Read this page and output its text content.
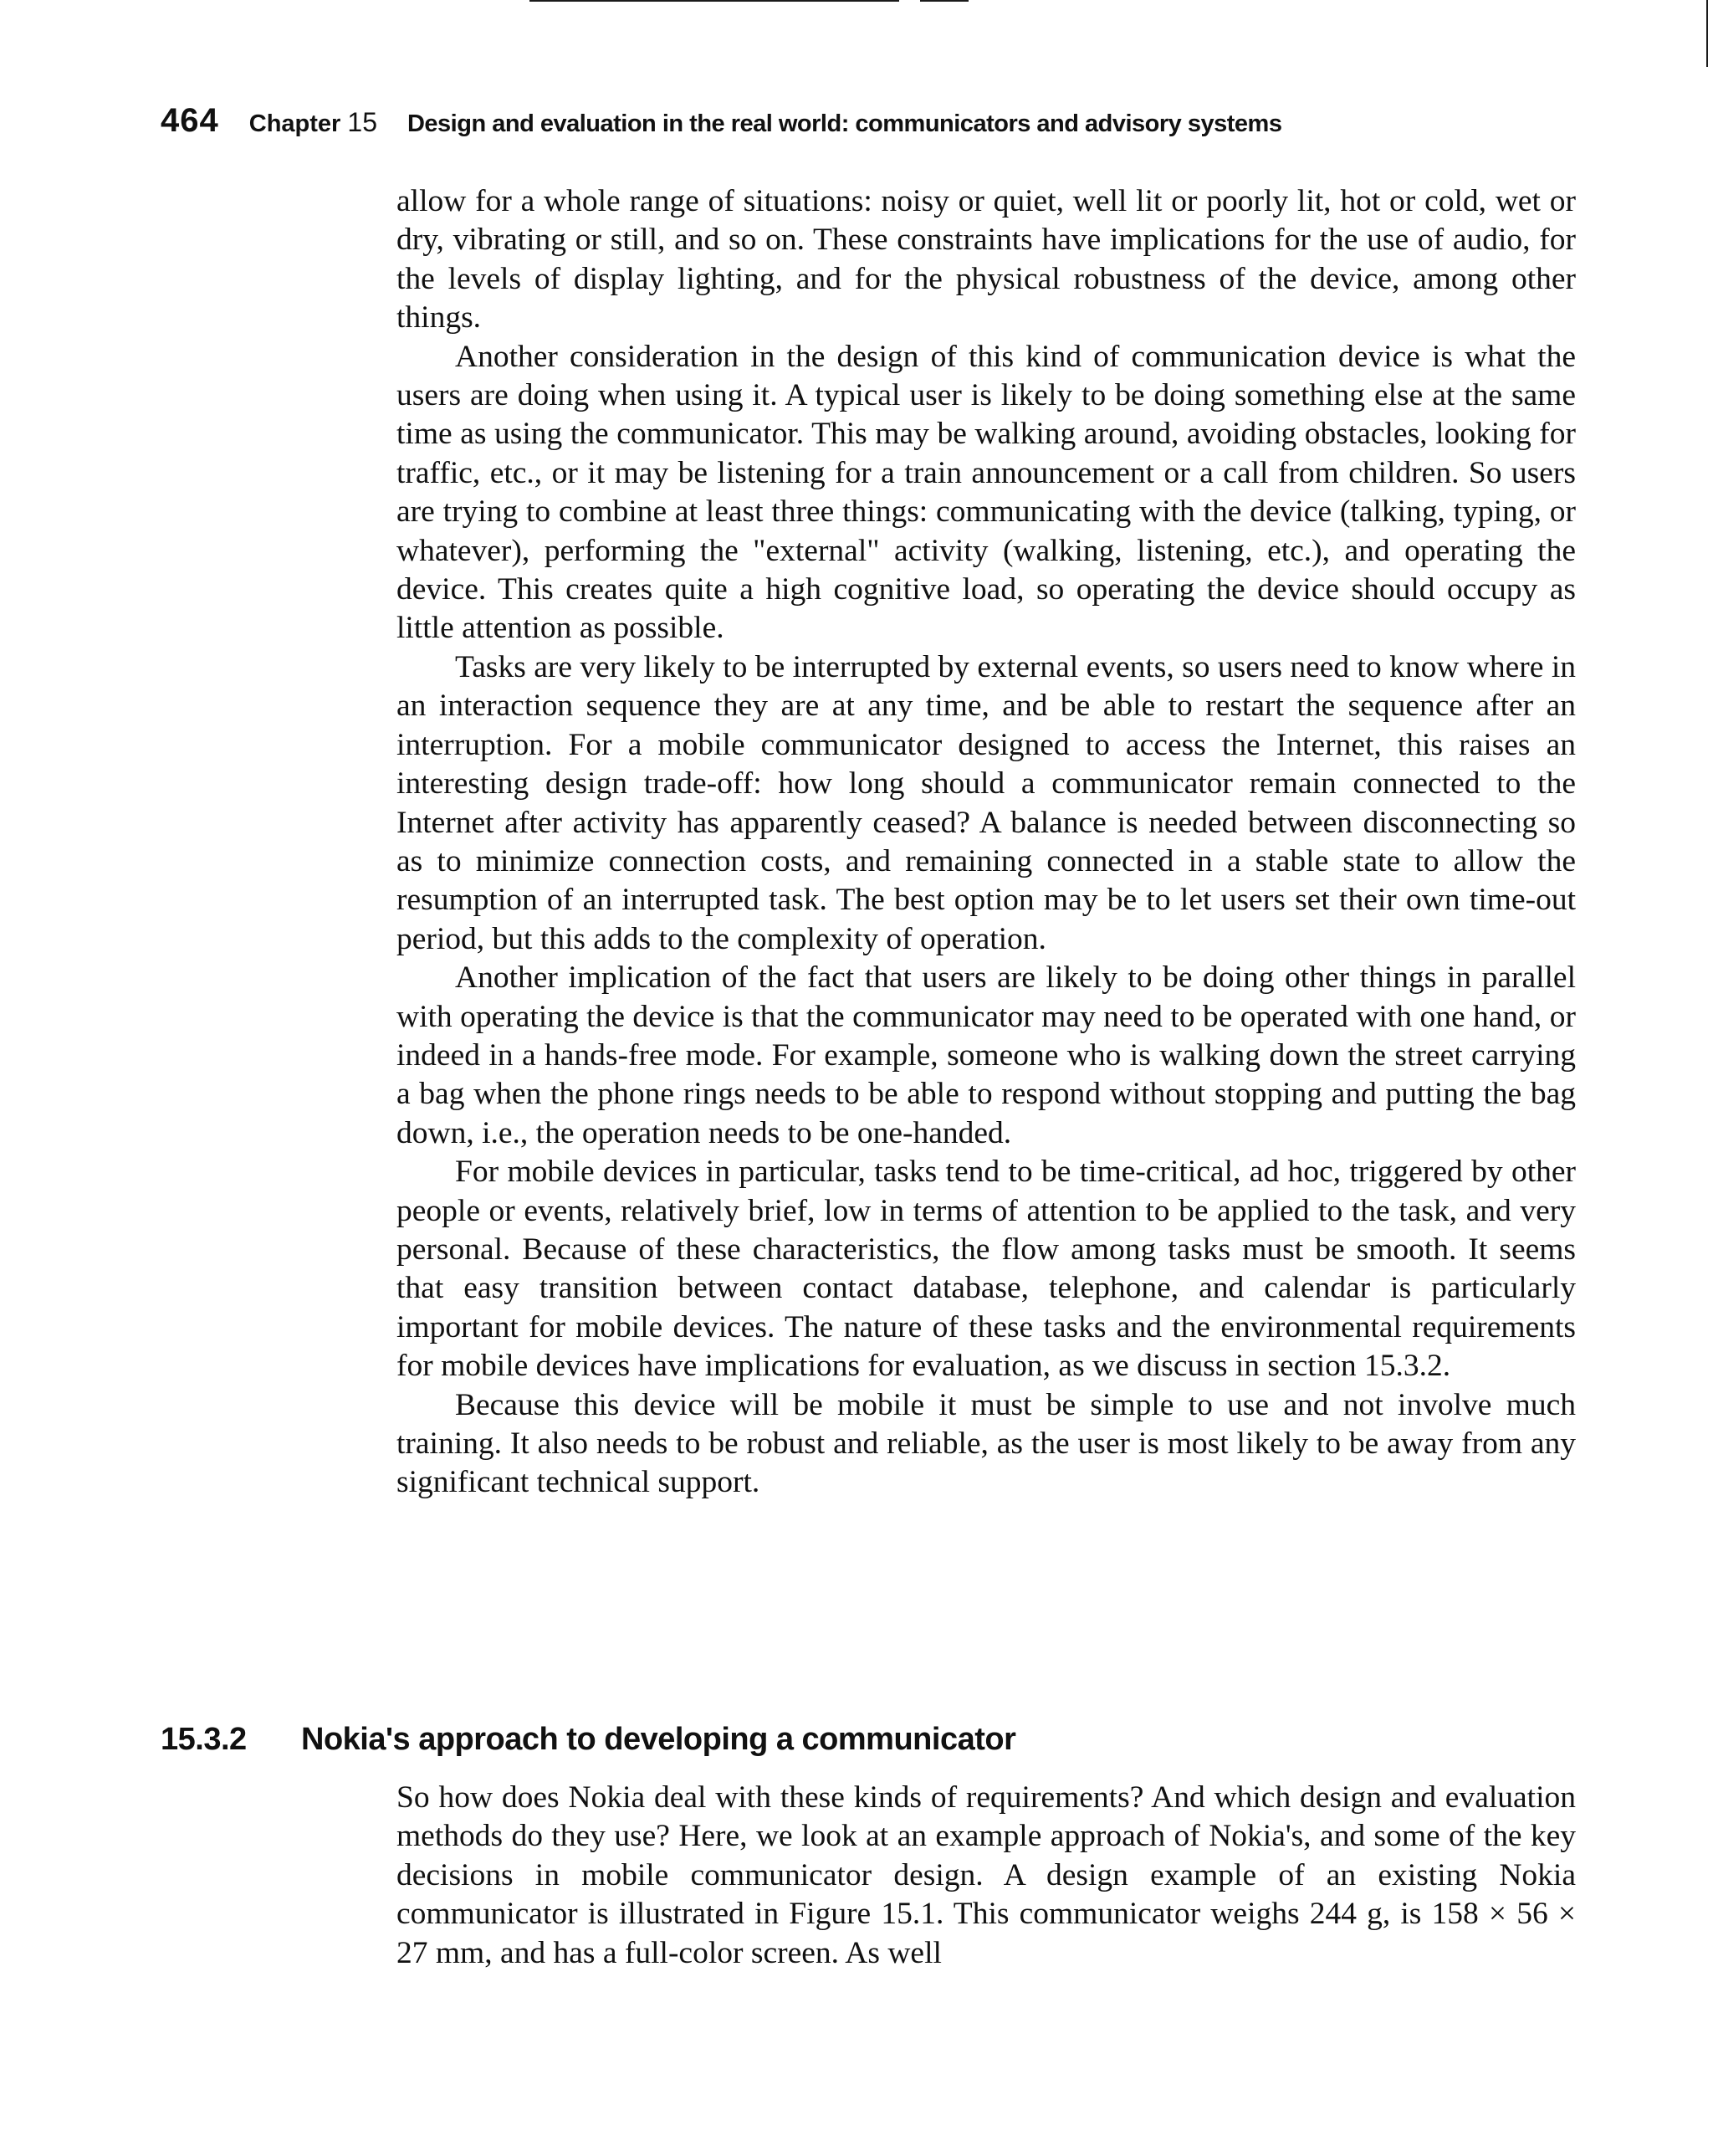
464 Chapter 15 Design and evaluation in the real world: communicators and advisory systems

allow for a whole range of situations: noisy or quiet, well lit or poorly lit, hot or cold, wet or dry, vibrating or still, and so on. These constraints have implications for the use of audio, for the levels of display lighting, and for the physical robustness of the device, among other things.

Another consideration in the design of this kind of communication device is what the users are doing when using it. A typical user is likely to be doing something else at the same time as using the communicator. This may be walking around, avoiding obstacles, looking for traffic, etc., or it may be listening for a train announcement or a call from children. So users are trying to combine at least three things: communicating with the device (talking, typing, or whatever), performing the "external" activity (walking, listening, etc.), and operating the device. This creates quite a high cognitive load, so operating the device should occupy as little attention as possible.

Tasks are very likely to be interrupted by external events, so users need to know where in an interaction sequence they are at any time, and be able to restart the sequence after an interruption. For a mobile communicator designed to access the Internet, this raises an interesting design trade-off: how long should a communicator remain connected to the Internet after activity has apparently ceased? A balance is needed between disconnecting so as to minimize connection costs, and remaining connected in a stable state to allow the resumption of an interrupted task. The best option may be to let users set their own time-out period, but this adds to the complexity of operation.

Another implication of the fact that users are likely to be doing other things in parallel with operating the device is that the communicator may need to be operated with one hand, or indeed in a hands-free mode. For example, someone who is walking down the street carrying a bag when the phone rings needs to be able to respond without stopping and putting the bag down, i.e., the operation needs to be one-handed.

For mobile devices in particular, tasks tend to be time-critical, ad hoc, triggered by other people or events, relatively brief, low in terms of attention to be applied to the task, and very personal. Because of these characteristics, the flow among tasks must be smooth. It seems that easy transition between contact database, telephone, and calendar is particularly important for mobile devices. The nature of these tasks and the environmental requirements for mobile devices have implications for evaluation, as we discuss in section 15.3.2.

Because this device will be mobile it must be simple to use and not involve much training. It also needs to be robust and reliable, as the user is most likely to be away from any significant technical support.

15.3.2 Nokia's approach to developing a communicator

So how does Nokia deal with these kinds of requirements? And which design and evaluation methods do they use? Here, we look at an example approach of Nokia's, and some of the key decisions in mobile communicator design. A design example of an existing Nokia communicator is illustrated in Figure 15.1. This communicator weighs 244 g, is 158 × 56 × 27 mm, and has a full-color screen. As well
